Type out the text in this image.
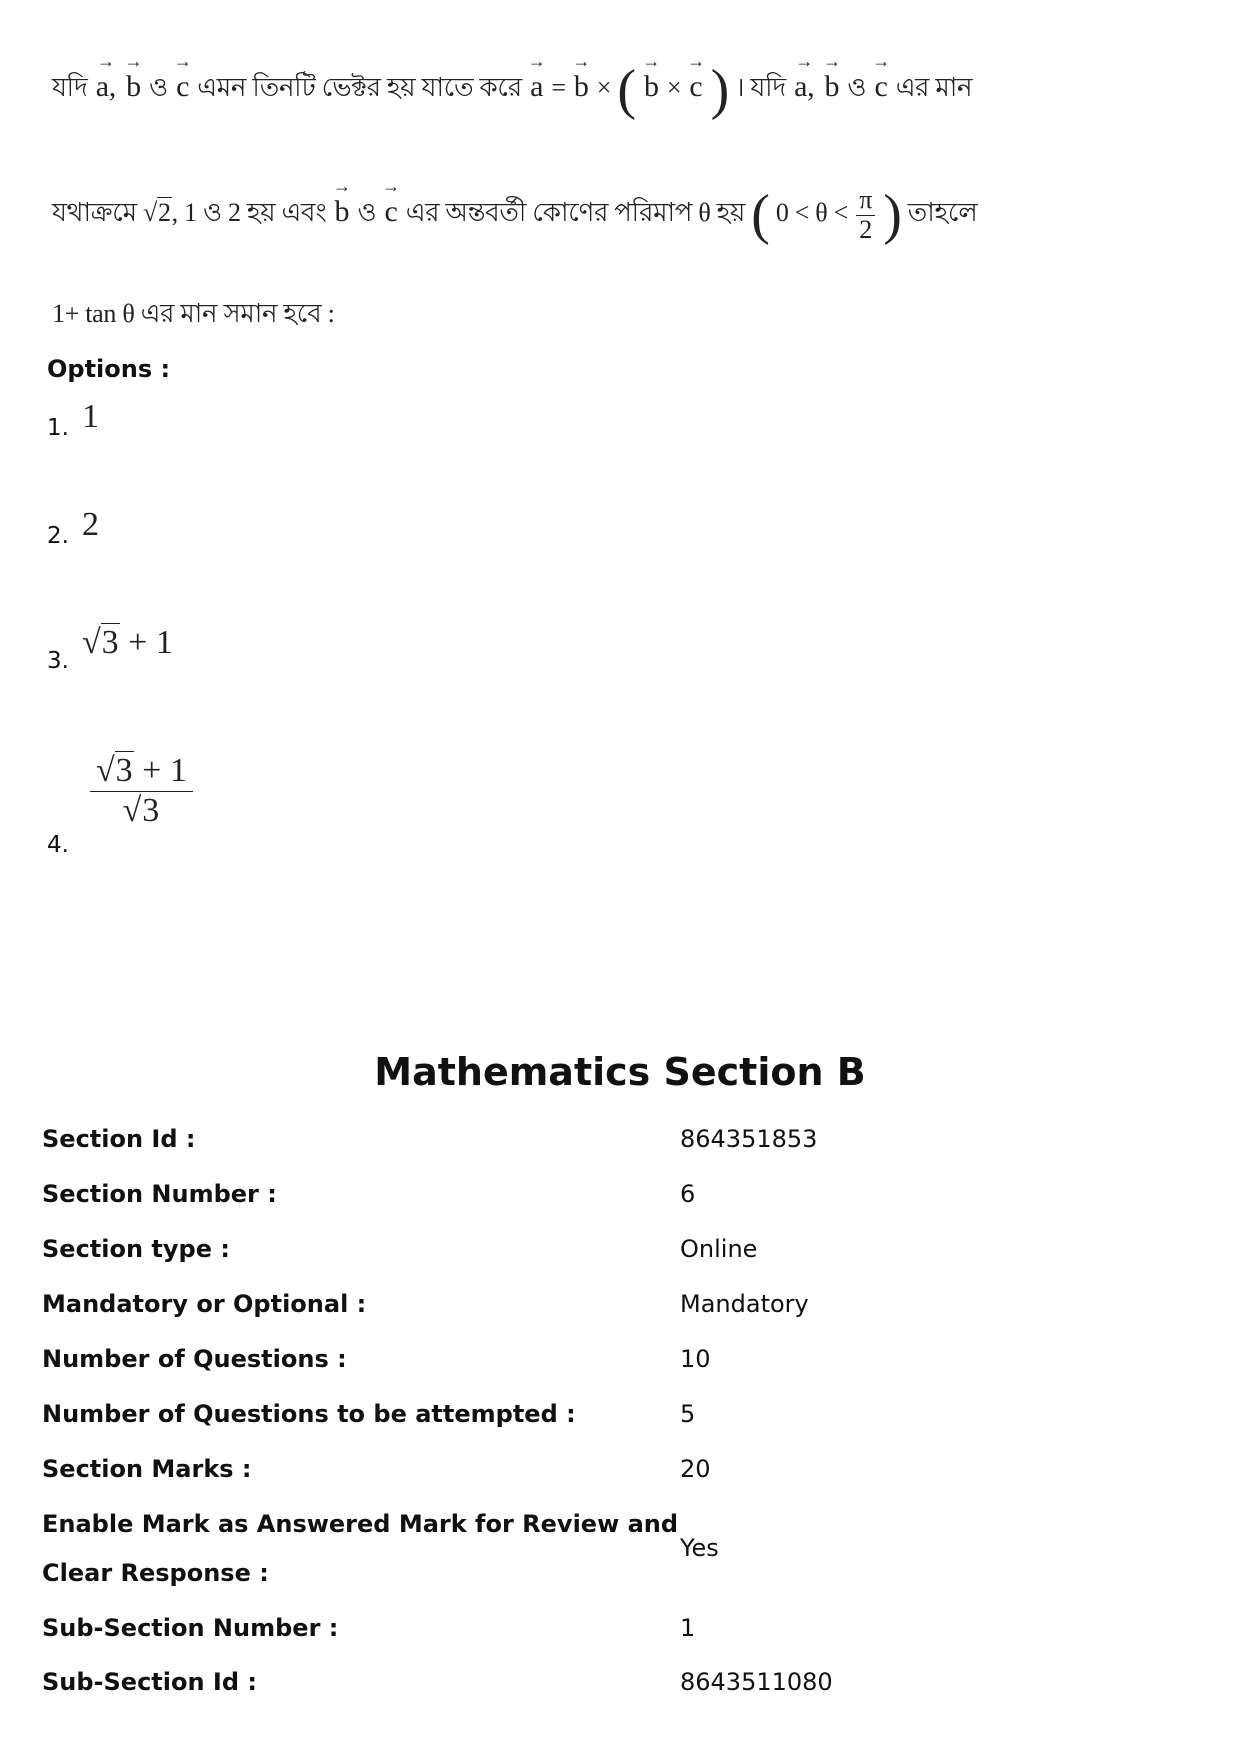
যদি → a, → b ও → c এমন তিনটি ভেক্টর হয় যাতে করে → a = → b × ( → b × → c ) । যদি → a, → b ও → c এর মান
যথাক্রমে √2, 1 ও 2 হয় এবং → b ও → c এর অন্তবর্তী কোণের পরিমাপ θ হয় ( $0 < \theta < \frac{\pi}{2}$ ) তাহলে
1+ tan θ এর মান সমান হবে :
Options :
1. 1
2. 2
3. √3 + 1
4.
$\frac{√3 + 1}{√3}$
Mathematics Section B
Section Id :	864351853
Section Number :	6
Section type :	Online
Mandatory or Optional :	Mandatory
Number of Questions :	10
Number of Questions to be attempted :	5
Section Marks :	20
Enable Mark as Answered Mark for Review and
Clear Response :
Yes
Sub-Section Number :	1
Sub-Section Id :	8643511080
